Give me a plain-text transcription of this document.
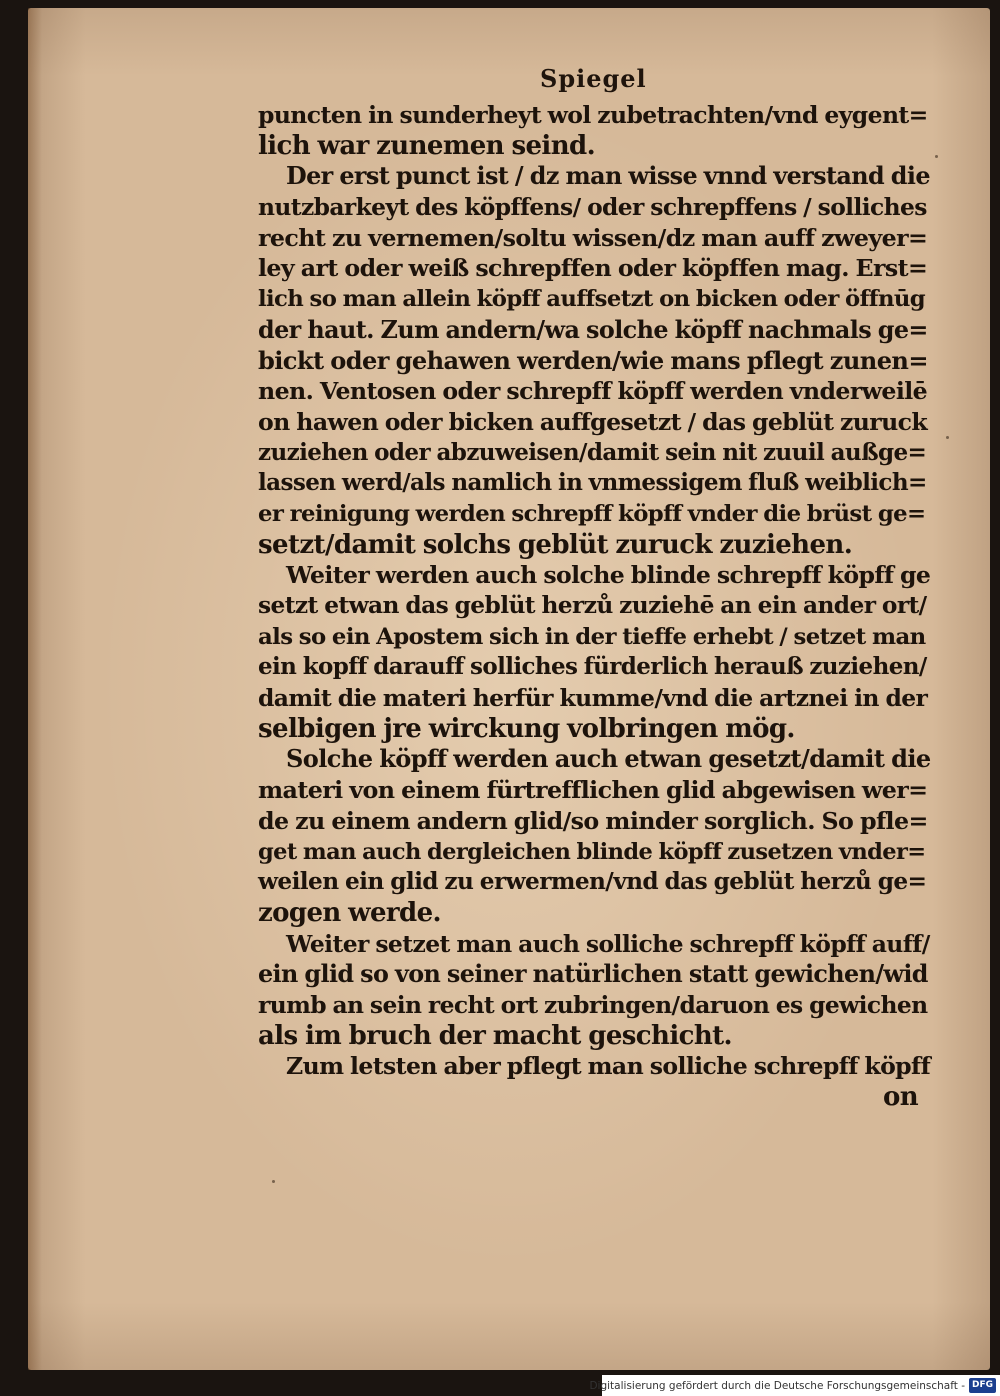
Spiegel
puncten in sunderheyt wol zubetrachten/vnd eygent=
lich war zunemen seind.
Der erst punct ist / dz man wisse vnnd verstand die
nutzbarkeyt des köpffens/ oder schrepffens / solliches
recht zu vernemen/soltu wissen/dz man auff zweyer=
ley art oder weiß schrepffen oder köpffen mag. Erst=
lich so man allein köpff auffsetzt on bicken oder öffnūg
der haut. Zum andern/wa solche köpff nachmals ge=
bickt oder gehawen werden/wie mans pflegt zunen=
nen. Ventosen oder schrepff köpff werden vnderweilē
on hawen oder bicken auffgesetzt / das geblüt zuruck
zuziehen oder abzuweisen/damit sein nit zuuil außge=
lassen werd/als namlich in vnmessigem fluß weiblich=
er reinigung werden schrepff köpff vnder die brüst ge=
setzt/damit solchs geblüt zuruck zuziehen.
Weiter werden auch solche blinde schrepff köpff ge
setzt etwan das geblüt herzů zuziehē an ein ander ort/
als so ein Apostem sich in der tieffe erhebt / setzet man
ein kopff darauff solliches fürderlich herauß zuziehen/
damit die materi herfür kumme/vnd die artznei in der
selbigen jre wirckung volbringen mög.
Solche köpff werden auch etwan gesetzt/damit die
materi von einem fürtrefflichen glid abgewisen wer=
de zu einem andern glid/so minder sorglich. So pfle=
get man auch dergleichen blinde köpff zusetzen vnder=
weilen ein glid zu erwermen/vnd das geblüt herzů ge=
zogen werde.
Weiter setzet man auch solliche schrepff köpff auff/
ein glid so von seiner natürlichen statt gewichen/wid
rumb an sein recht ort zubringen/daruon es gewichen
als im bruch der macht geschicht.
Zum letsten aber pflegt man solliche schrepff köpff
on
Digitalisierung gefördert durch die Deutsche Forschungsgemeinschaft - DFG
